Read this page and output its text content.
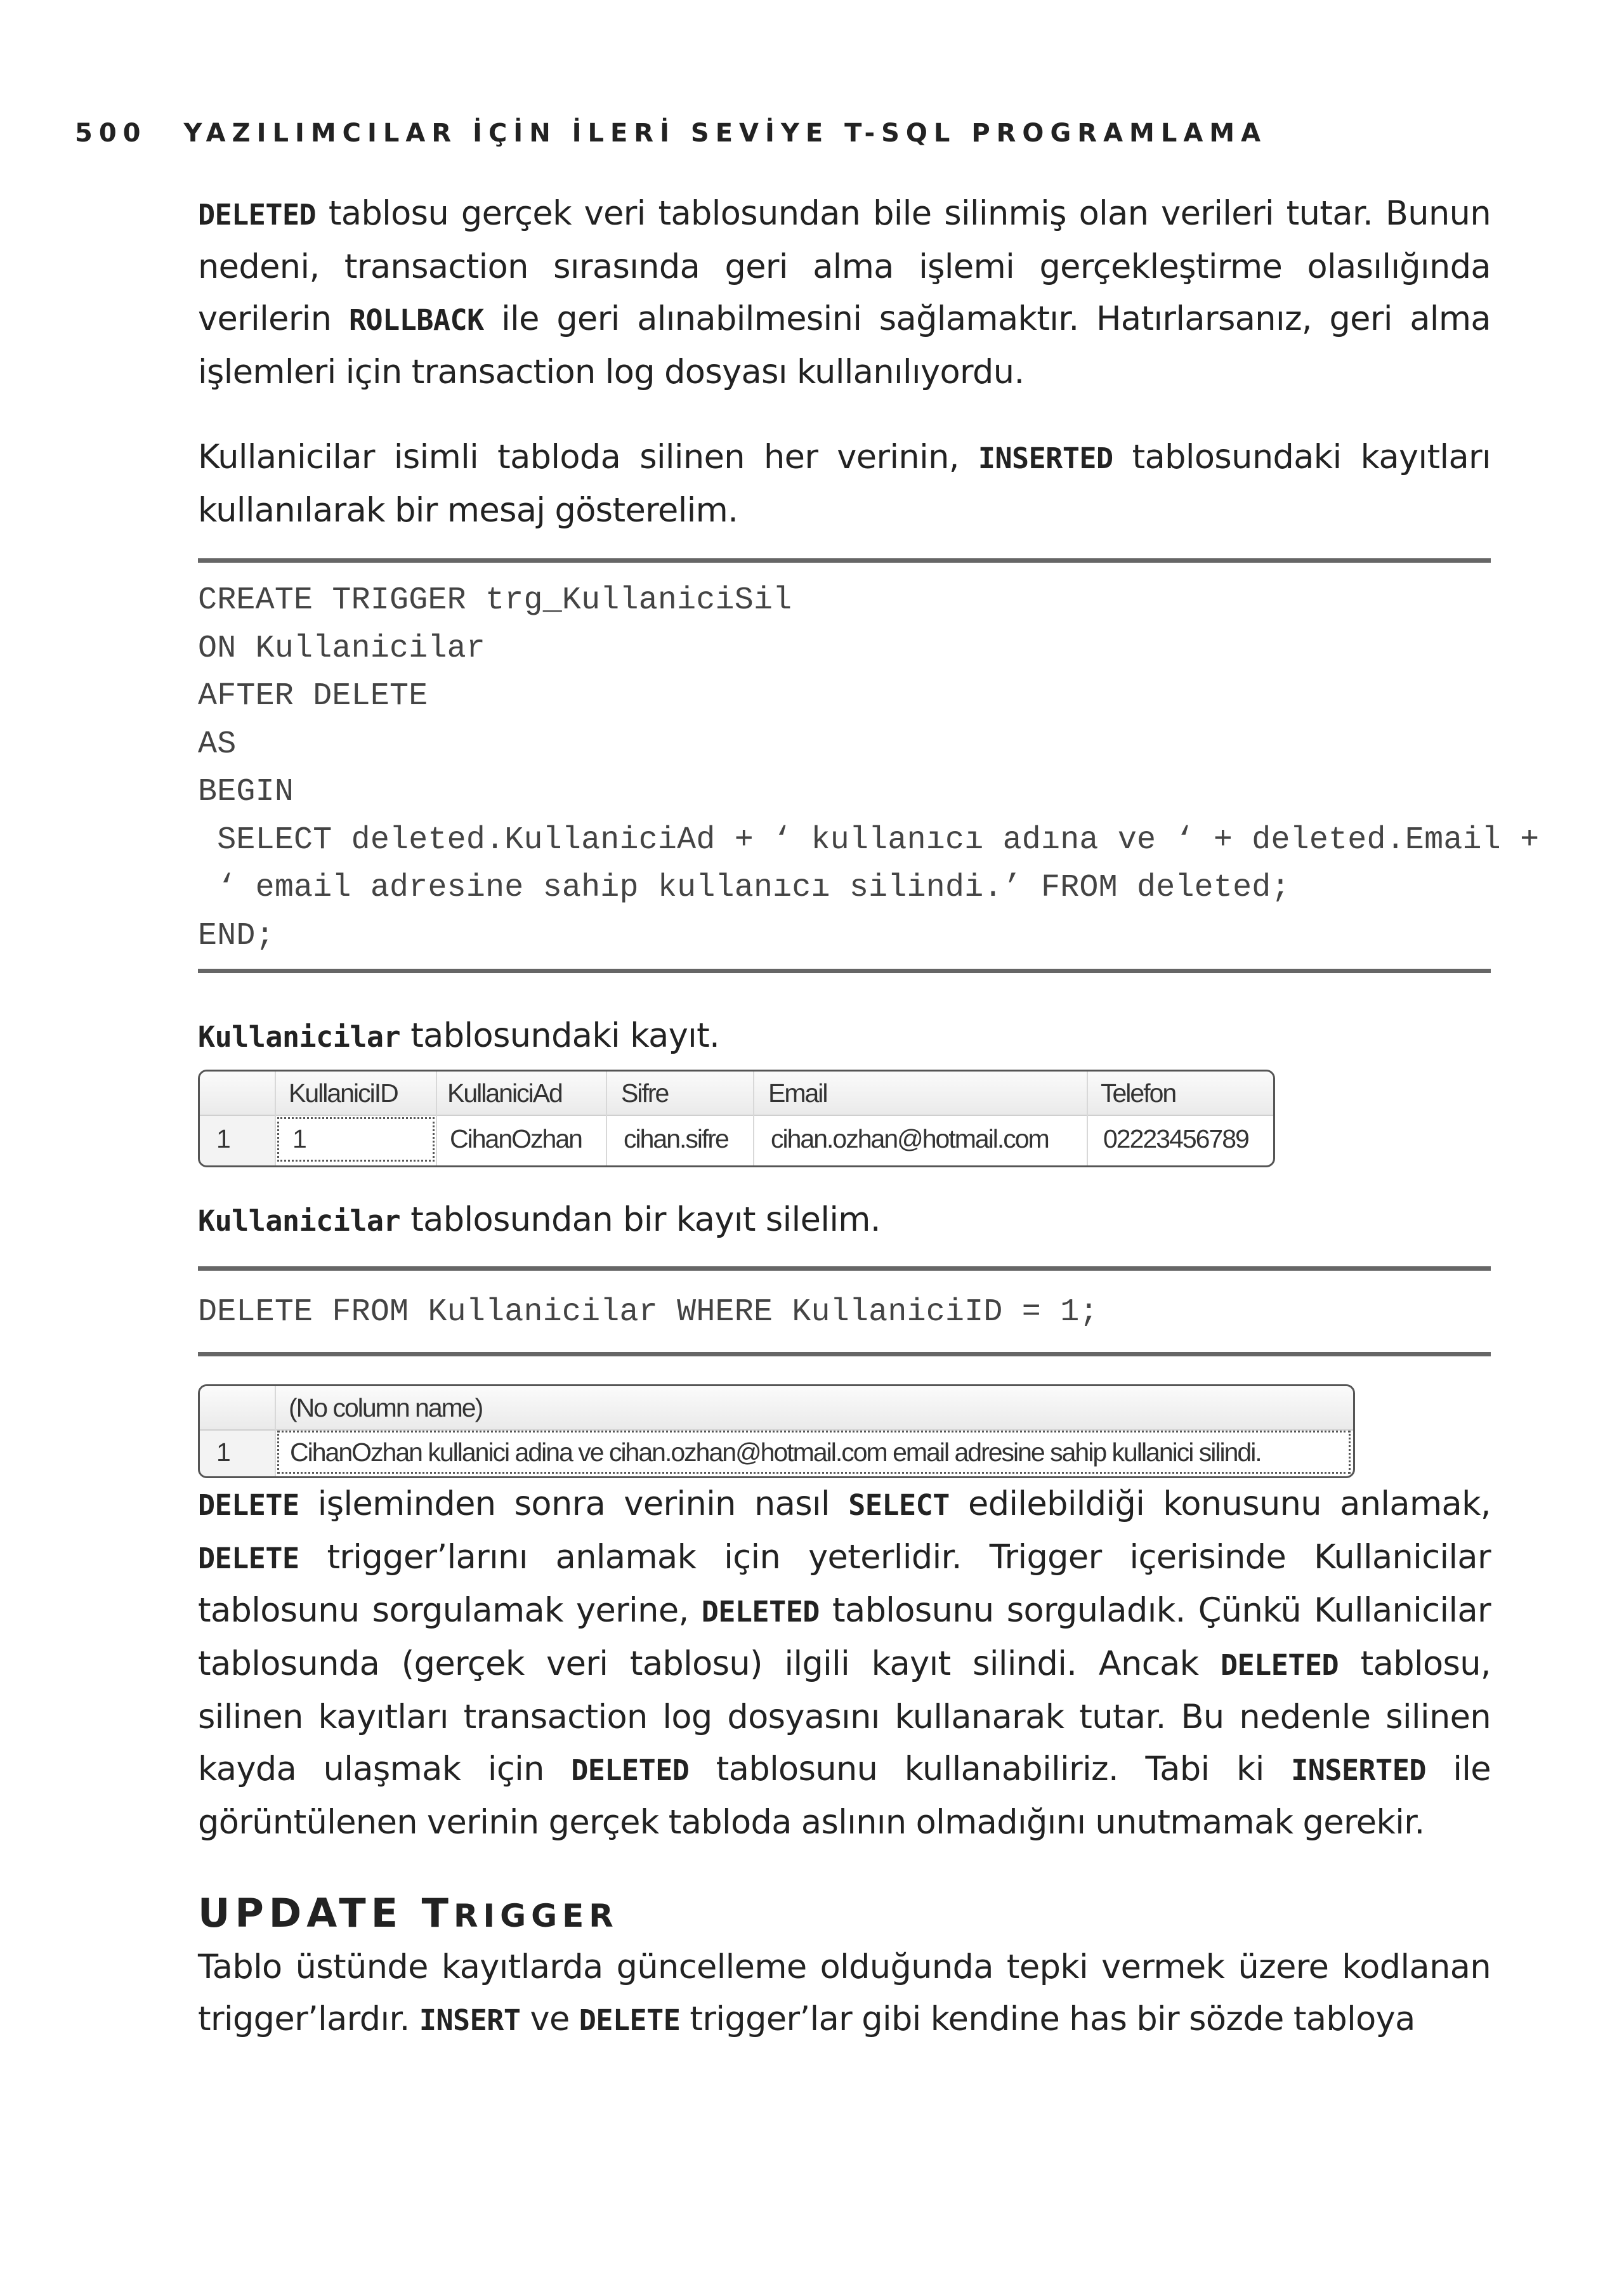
500 YAZILIMCILAR İÇİN İLERİ SEVİYE T-SQL PROGRAMLAMA

DELETED tablosu gerçek veri tablosundan bile silinmiş olan verileri tutar. Bunun nedeni, transaction sırasında geri alma işlemi gerçekleştirme olasılığında verilerin ROLLBACK ile geri alınabilmesini sağlamaktır. Hatırlarsanız, geri alma işlemleri için transaction log dosyası kullanılıyordu.

Kullanicilar isimli tabloda silinen her verinin, INSERTED tablosundaki kayıtları kullanılarak bir mesaj gösterelim.

CREATE TRIGGER trg_KullaniciSil
ON Kullanicilar
AFTER DELETE
AS
BEGIN
SELECT deleted.KullaniciAd + ‘ kullanıcı adına ve ‘ + deleted.Email +
‘ email adresine sahip kullanıcı silindi.’ FROM deleted;
END;
Kullanicilar tablosundaki kayıt.
KullaniciID KullaniciAd Sifre	Email	Telefon
1 1	CihanOzhan cihan.sifre cihan.ozhan@hotmail.com 02223456789
Kullanicilar tablosundan bir kayıt silelim.
DELETE FROM Kullanicilar WHERE KullaniciID = 1;
(No column name)
1 CihanOzhan kullanici adina ve cihan.ozhan@hotmail.com email adresine sahip kullanici silindi.

DELETE işleminden sonra verinin nasıl SELECT edilebildiği konusunu anlamak, DELETE trigger’larını anlamak için yeterlidir. Trigger içerisinde Kullanicilar tablosunu sorgulamak yerine, DELETED tablosunu sorguladık. Çünkü Kullanicilar tablosunda (gerçek veri tablosu) ilgili kayıt silindi. Ancak DELETED tablosu, silinen kayıtları transaction log dosyasını kullanarak tutar. Bu nedenle silinen kayda ulaşmak için DELETED tablosunu kullanabiliriz. Tabi ki INSERTED ile görüntülenen verinin gerçek tabloda aslının olmadığını unutmamak gerekir.

UPDATE TRIGGER

Tablo üstünde kayıtlarda güncelleme olduğunda tepki vermek üzere kodlanan trigger’lardır. INSERT ve DELETE trigger’lar gibi kendine has bir sözde tabloya
